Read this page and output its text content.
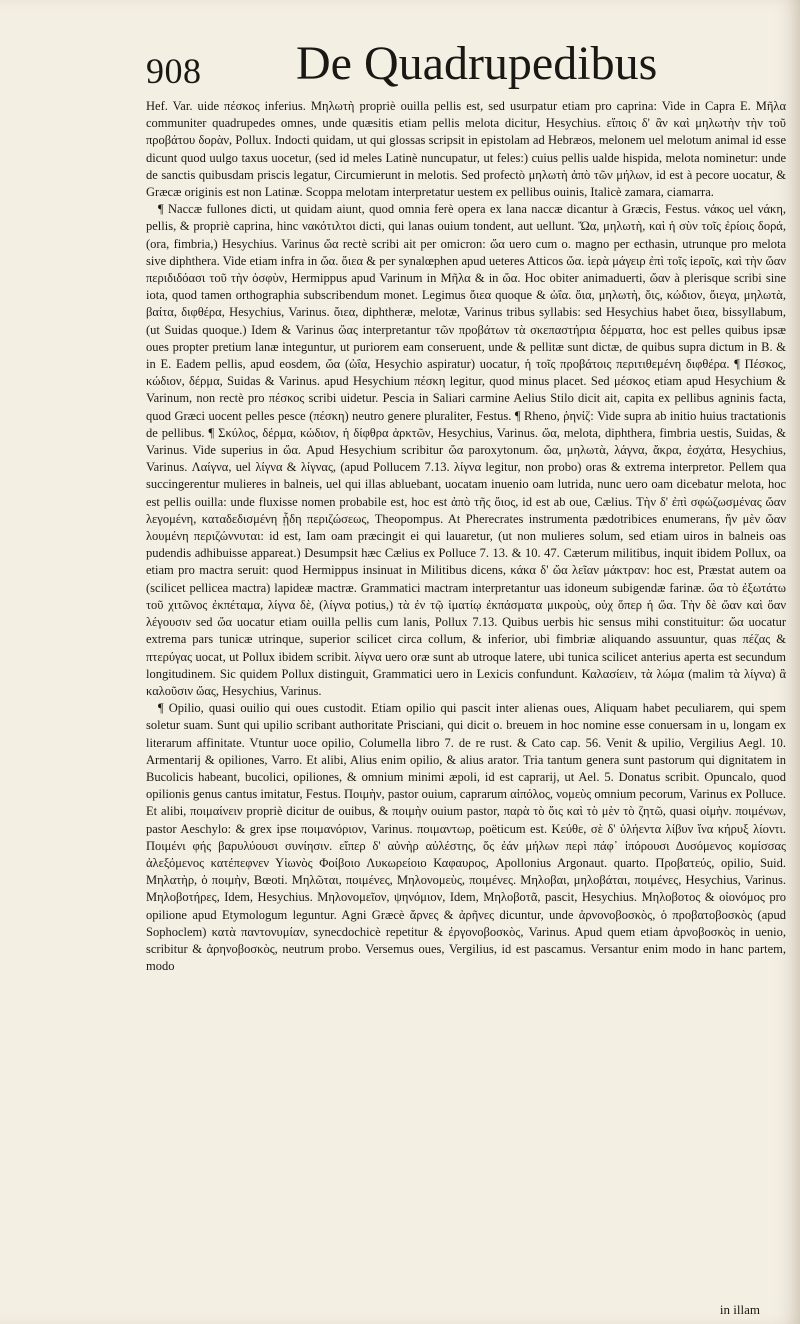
908 De Quadrupedibus

Hef. Var. uide πέσκος inferius. Μηλωτὴ propriè ouilla pellis est, sed usurpatur etiam pro caprina: Vide in Capra E. Μῆλα communiter quadrupedes omnes, unde quæsitis etiam pellis melota dicitur, Hesychius. εἴποις δ' ἂν καὶ μηλωτὴν τὴν τοῦ προβάτου δορὰν, Pollux. Indocti quidam, ut qui glossas scripsit in epistolam ad Hebræos, melonem uel melotum animal id esse dicunt quod uulgo taxus uocetur, (sed id meles Latinè nuncupatur, ut feles:) cuius pellis ualde hispida, melota nominetur: unde de sanctis quibusdam priscis legatur, Circumierunt in melotis. Sed profectò μηλωτὴ ἀπὸ τῶν μήλων, id est à pecore uocatur, & Græcæ originis est non Latinæ. Scoppa melotam interpretatur uestem ex pellibus ouinis, Italicè zamara, ciamarra.

¶ Naccæ fullones dicti, ut quidam aiunt, quod omnia ferè opera ex lana naccæ dicantur à Græcis, Festus. νάκος uel νάκη, pellis, & propriè caprina, hinc νακότιλτοι dicti, qui lanas ouium tondent, aut uellunt. Ὤα, μηλωτὴ, καὶ ἡ σὺν τοῖς ἐρίοις δορά, (ora, fimbria,) Hesychius. Varinus ὤα rectè scribi ait per omicron: ὤα uero cum o. magno per ecthasin, utrunque pro melota sive diphthera. Vide etiam infra in ὤα. ὄιεα & per synalœphen apud ueteres Atticos ὤα. ἱερὰ μάγειρ ἐπὶ τοῖς ἱεροῖς, καὶ τὴν ὤαν περιδιδόασι τοῦ τὴν ὀσφὺν, Hermippus apud Varinum in Μῆλα & in ὤα. Hoc obiter animaduerti, ὤαν à plerisque scribi sine iota, quod tamen orthographia subscribendum monet. Legimus ὄιεα quoque & ὠΐα. ὄια, μηλωτὴ, ὄις, κώδιον, ὄιεγα, μηλωτὰ, βαίτα, διφθέρα, Hesychius, Varinus. ὄιεα, diphtheræ, melotæ, Varinus tribus syllabis: sed Hesychius habet ὄιεα, bissyllabum, (ut Suidas quoque.) Idem & Varinus ὤας interpretantur τῶν προβάτων τὰ σκεπαστήρια δέρματα, hoc est pelles quibus ipsæ oues propter pretium lanæ integuntur, ut puriorem eam conseruent, unde & pellitæ sunt dictæ, de quibus supra dictum in B. & in E. Eadem pellis, apud eosdem, ὤα (ὠΐα, Hesychio aspiratur) uocatur, ἡ τοῖς προβάτοις περιτιθεμένη διφθέρα. ¶ Πέσκος, κώδιον, δέρμα, Suidas & Varinus. apud Hesychium πέσκη legitur, quod minus placet. Sed μέσκος etiam apud Hesychium & Varinum, non rectè pro πέσκος scribi uidetur. Pescia in Saliari carmine Aelius Stilo dicit ait, capita ex pellibus agninis facta, quod Græci uocent pelles pesce (πέσκη) neutro genere pluraliter, Festus. ¶ Rheno, ῥηνίζ: Vide supra ab initio huius tractationis de pellibus. ¶ Σκύλος, δέρμα, κώδιον, ἡ δίφθρα ἀρκτῶν, Hesychius, Varinus. ὤα, melota, diphthera, fimbria uestis, Suidas, & Varinus. Vide superius in ὤα. Apud Hesychium scribitur ὤα paroxytonum. ὤα, μηλωτὰ, λάγνα, ἄκρα, ἐσχάτα, Hesychius, Varinus. Λαίγνα, uel λίγνα & λίγνας, (apud Pollucem 7.13. λίγνα legitur, non probo) oras & extrema interpretor. Pellem qua succingerentur mulieres in balneis, uel qui illas abluebant, uocatam inuenio oam lutrida, nunc uero oam dicebatur melota, hoc est pellis ouilla: unde fluxisse nomen probabile est, hoc est ἀπὸ τῆς ὄιος, id est ab oue, Cælius. Τὴν δ' ἐπὶ σφώζωσμένας ὤαν λεγομένη, καταδεδισμένη ᾗδη περιζώσεως, Theopompus. At Pherecrates instrumenta pædotribices enumerans, ἤν μὲν ὤαν λουμένη περιζώννυται: id est, Iam oam præcingit ei qui lauaretur, (ut non mulieres solum, sed etiam uiros in balneis oas pudendis adhibuisse appareat.) Desumpsit hæc Cælius ex Polluce 7. 13. & 10. 47. Cæterum militibus, inquit ibidem Pollux, oa etiam pro mactra seruit: quod Hermippus insinuat in Militibus dicens, κάκα δ' ὤα λεῖαν μάκτραν: hoc est, Præstat autem oa (scilicet pellicea mactra) lapideæ mactræ. Grammatici mactram interpretantur uas idoneum subigendæ farinæ. ὤα τὸ ἐξωτάτω τοῦ χιτῶνος ἐκπέταμα, λίγνα δὲ, (λίγνα potius,) τὰ ἐν τῷ ἱματίῳ ἐκπάσματα μικροὺς, οὐχ ὅπερ ἡ ὤα. Τὴν δὲ ὤαν καὶ ὄαν λέγουσιν sed ὤα uocatur etiam ouilla pellis cum lanis, Pollux 7.13. Quibus uerbis hic sensus mihi constituitur: ὤα uocatur extrema pars tunicæ utrinque, superior scilicet circa collum, & inferior, ubi fimbriæ aliquando assuuntur, quas πέζας & πτερύγας uocat, ut Pollux ibidem scribit. λίγνα uero oræ sunt ab utroque latere, ubi tunica scilicet anterius aperta est secundum longitudinem. Sic quidem Pollux distinguit, Grammatici uero in Lexicis confundunt. Καλασίειν, τὰ λώμα (malim τὰ λίγνα) ἃ καλοῦσιν ὤας, Hesychius, Varinus.

¶ Opilio, quasi ouilio qui oues custodit. Etiam opilio qui pascit inter alienas oues, Aliquam habet peculiarem, qui spem soletur suam. Sunt qui upilio scribant authoritate Prisciani, qui dicit o. breuem in hoc nomine esse conuersam in u, longam ex literarum affinitate. Vtuntur uoce opilio, Columella libro 7. de re rust. & Cato cap. 56. Venit & upilio, Vergilius Aegl. 10. Armentarij & opiliones, Varro. Et alibi, Alius enim opilio, & alius arator. Tria tantum genera sunt pastorum qui dignitatem in Bucolicis habeant, bucolici, opiliones, & omnium minimi æpoli, id est caprarij, ut Ael. 5. Donatus scribit. Opuncalo, quod opilionis genus cantus imitatur, Festus. Ποιμὴν, pastor ouium, caprarum αἰπόλος, νομεὺς omnium pecorum, Varinus ex Polluce. Et alibi, ποιμαίνειν propriè dicitur de ouibus, & ποιμὴν ouium pastor, παρὰ τὸ ὄις καὶ τὸ μὲν τὸ ζητῶ, quasi οἰμὴν. ποιμένων, pastor Aeschylo: & grex ipse ποιμανόριον, Varinus. ποιμαντωρ, poëticum est. Κεύθε, σὲ δ' ὑλήεντα λίβυν ἵνα κήρυξ λίοντι. Ποιμένι φής βαρυλύουσι συνίησιν. εἴπερ δ' αὐνὴρ αὐλέστης, ὅς ἐάν μήλων περὶ πάφ᾽ ἱπόρουσι Δυσόμενος κομίσσας ἀλεξόμενος κατέπεφνεν Υἱωνὸς Φοίβοιο Λυκωρείοιο Καφαυρος, Apollonius Argonaut. quarto. Προβατεύς, opilio, Suid. Μηλατὴρ, ὁ ποιμὴν, Bœoti. Μηλῶται, ποιμένες, Μηλονομεὺς, ποιμένες. Μηλοβαι, μηλοβάται, ποιμένες, Hesychius, Varinus. Μηλοβοτήρες, Idem, Hesychius. Μηλονομεῖον, ψηνόμιον, Idem, Μηλοβοτᾶ, pascit, Hesychius. Μηλοβοτος & οἰονόμος pro opilione apud Etymologum leguntur. Agni Græcè ἄρνες & ἀρῆνες dicuntur, unde ἀρνονοβοσκὸς, ὁ προβατοβοσκὸς (apud Sophoclem) κατὰ παντονυμίαν, synecdochicè repetitur & ἐργονοβοσκὸς, Varinus. Apud quem etiam ἀρνοβοσκὸς in uenio, scribitur & ἀρηνοβοσκὸς, neutrum probo. Versemus oues, Vergilius, id est pascamus. Versantur enim modo in hanc partem, modo

in illam
